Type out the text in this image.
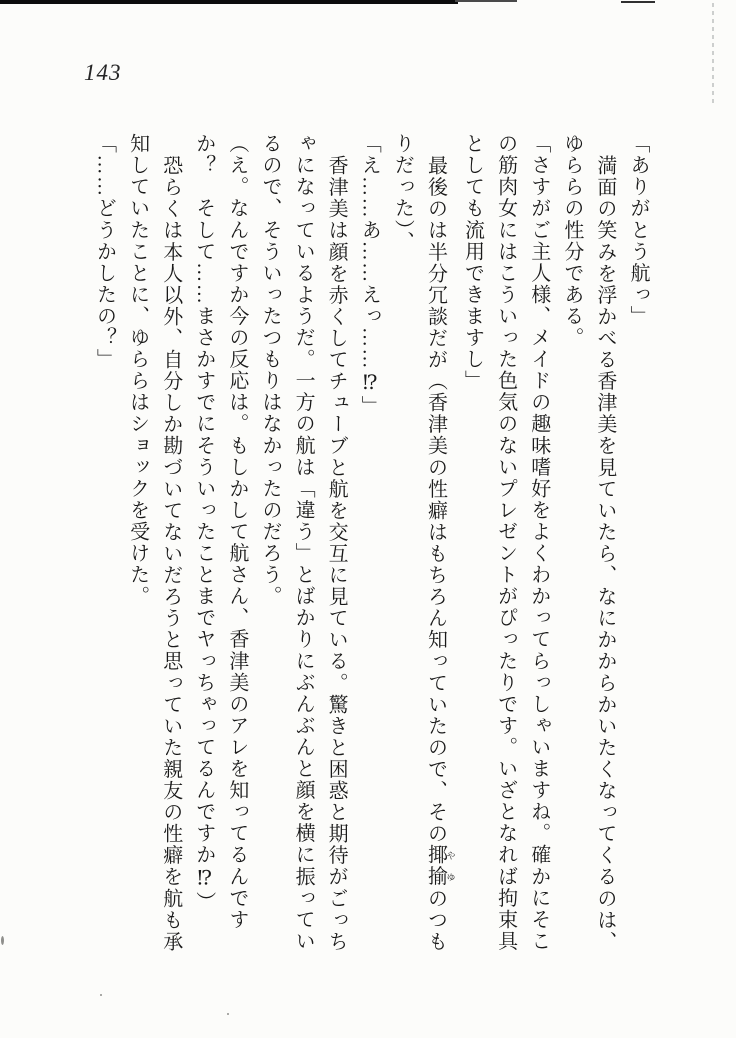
143

「ありがとう航っ」

満面の笑みを浮かべる香津美を見ていたら、なにかからかいたくなってくるのは、

ゆららの性分である。

「さすがご主人様、メイドの趣味嗜好をよくわかってらっしゃいますね。確かにそこ

の筋肉女にはこういった色気のないプレゼントがぴったりです。いざとなれば拘束具

としても流用できますし」

最後のは半分冗談だが（香津美の性癖はもちろん知っていたので、その揶 や揄 ゆのつも

りだった）、

「え……あ……えっ……⁉」

香津美は顔を赤くしてチューブと航を交互に見ている。驚きと困惑と期待がごっち

ゃになっているようだ。一方の航は「違う」とばかりにぶんぶんと顔を横に振ってい

るので、そういったつもりはなかったのだろう。

（え。なんですか今の反応は。もしかして航さん、香津美のアレを知ってるんです

か？　そして……まさかすでにそういったことまでヤっちゃってるんですか⁉）

恐らくは本人以外、自分しか勘づいてないだろうと思っていた親友の性癖を航も承

知していたことに、ゆららはショックを受けた。

「……どうかしたの？」
